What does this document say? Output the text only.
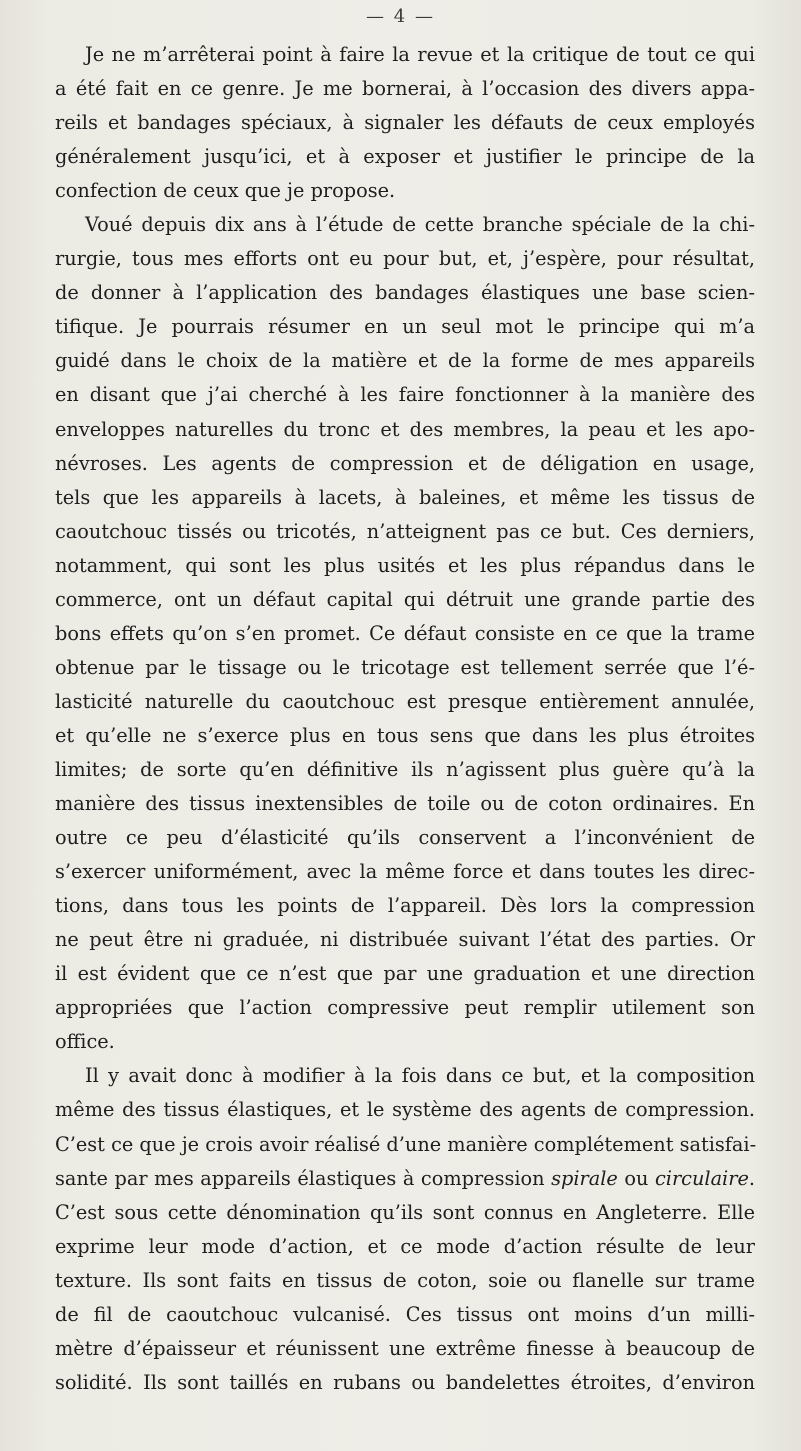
— 4 —
Je ne m’arrêterai point à faire la revue et la critique de tout ce qui
a été fait en ce genre. Je me bornerai, à l’occasion des divers appa-
reils et bandages spéciaux, à signaler les défauts de ceux employés
généralement jusqu’ici, et à exposer et justifier le principe de la
confection de ceux que je propose.
Voué depuis dix ans à l’étude de cette branche spéciale de la chi-
rurgie, tous mes efforts ont eu pour but, et, j’espère, pour résultat,
de donner à l’application des bandages élastiques une base scien-
tifique. Je pourrais résumer en un seul mot le principe qui m’a
guidé dans le choix de la matière et de la forme de mes appareils
en disant que j’ai cherché à les faire fonctionner à la manière des
enveloppes naturelles du tronc et des membres, la peau et les apo-
névroses. Les agents de compression et de déligation en usage,
tels que les appareils à lacets, à baleines, et même les tissus de
caoutchouc tissés ou tricotés, n’atteignent pas ce but. Ces derniers,
notamment, qui sont les plus usités et les plus répandus dans le
commerce, ont un défaut capital qui détruit une grande partie des
bons effets qu’on s’en promet. Ce défaut consiste en ce que la trame
obtenue par le tissage ou le tricotage est tellement serrée que l’é-
lasticité naturelle du caoutchouc est presque entièrement annulée,
et qu’elle ne s’exerce plus en tous sens que dans les plus étroites
limites; de sorte qu’en définitive ils n’agissent plus guère qu’à la
manière des tissus inextensibles de toile ou de coton ordinaires. En
outre ce peu d’élasticité qu’ils conservent a l’inconvénient de
s’exercer uniformément, avec la même force et dans toutes les direc-
tions, dans tous les points de l’appareil. Dès lors la compression
ne peut être ni graduée, ni distribuée suivant l’état des parties. Or
il est évident que ce n’est que par une graduation et une direction
appropriées que l’action compressive peut remplir utilement son
office.
Il y avait donc à modifier à la fois dans ce but, et la composition
même des tissus élastiques, et le système des agents de compression.
C’est ce que je crois avoir réalisé d’une manière complétement satisfai-
sante par mes appareils élastiques à compression spirale ou circulaire.
C’est sous cette dénomination qu’ils sont connus en Angleterre. Elle
exprime leur mode d’action, et ce mode d’action résulte de leur
texture. Ils sont faits en tissus de coton, soie ou flanelle sur trame
de fil de caoutchouc vulcanisé. Ces tissus ont moins d’un milli-
mètre d’épaisseur et réunissent une extrême finesse à beaucoup de
solidité. Ils sont taillés en rubans ou bandelettes étroites, d’environ
